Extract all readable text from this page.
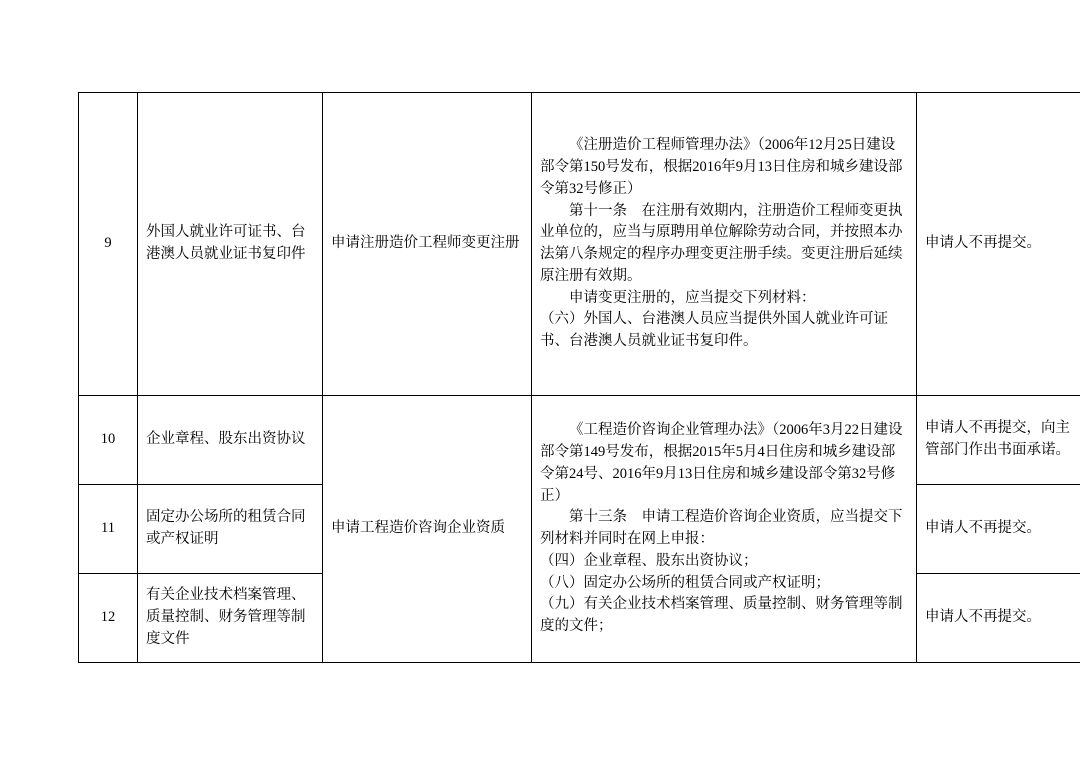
9	外国人就业许可证书、台港澳人员就业证书复印件	申请注册造价工程师变更注册	《注册造价工程师管理办法》（2006年12月25日建设部令第150号发布，根据2016年9月13日住房和城乡建设部令第32号修正）

第十一条　在注册有效期内，注册造价工程师变更执业单位的，应当与原聘用单位解除劳动合同，并按照本办法第八条规定的程序办理变更注册手续。变更注册后延续原注册有效期。

申请变更注册的，应当提交下列材料：

（六）外国人、台港澳人员应当提供外国人就业许可证书、台港澳人员就业证书复印件。	申请人不再提交。

10	企业章程、股东出资协议	申请工程造价咨询企业资质	《工程造价咨询企业管理办法》（2006年3月22日建设部令第149号发布，根据2015年5月4日住房和城乡建设部令第24号、2016年9月13日住房和城乡建设部令第32号修正）

第十三条　申请工程造价咨询企业资质，应当提交下列材料并同时在网上申报：

（四）企业章程、股东出资协议；

（八）固定办公场所的租赁合同或产权证明；

（九）有关企业技术档案管理、质量控制、财务管理等制度的文件；	申请人不再提交，向主管部门作出书面承诺。

11	固定办公场所的租赁合同或产权证明			申请人不再提交。

12	有关企业技术档案管理、质量控制、财务管理等制度文件			申请人不再提交。
